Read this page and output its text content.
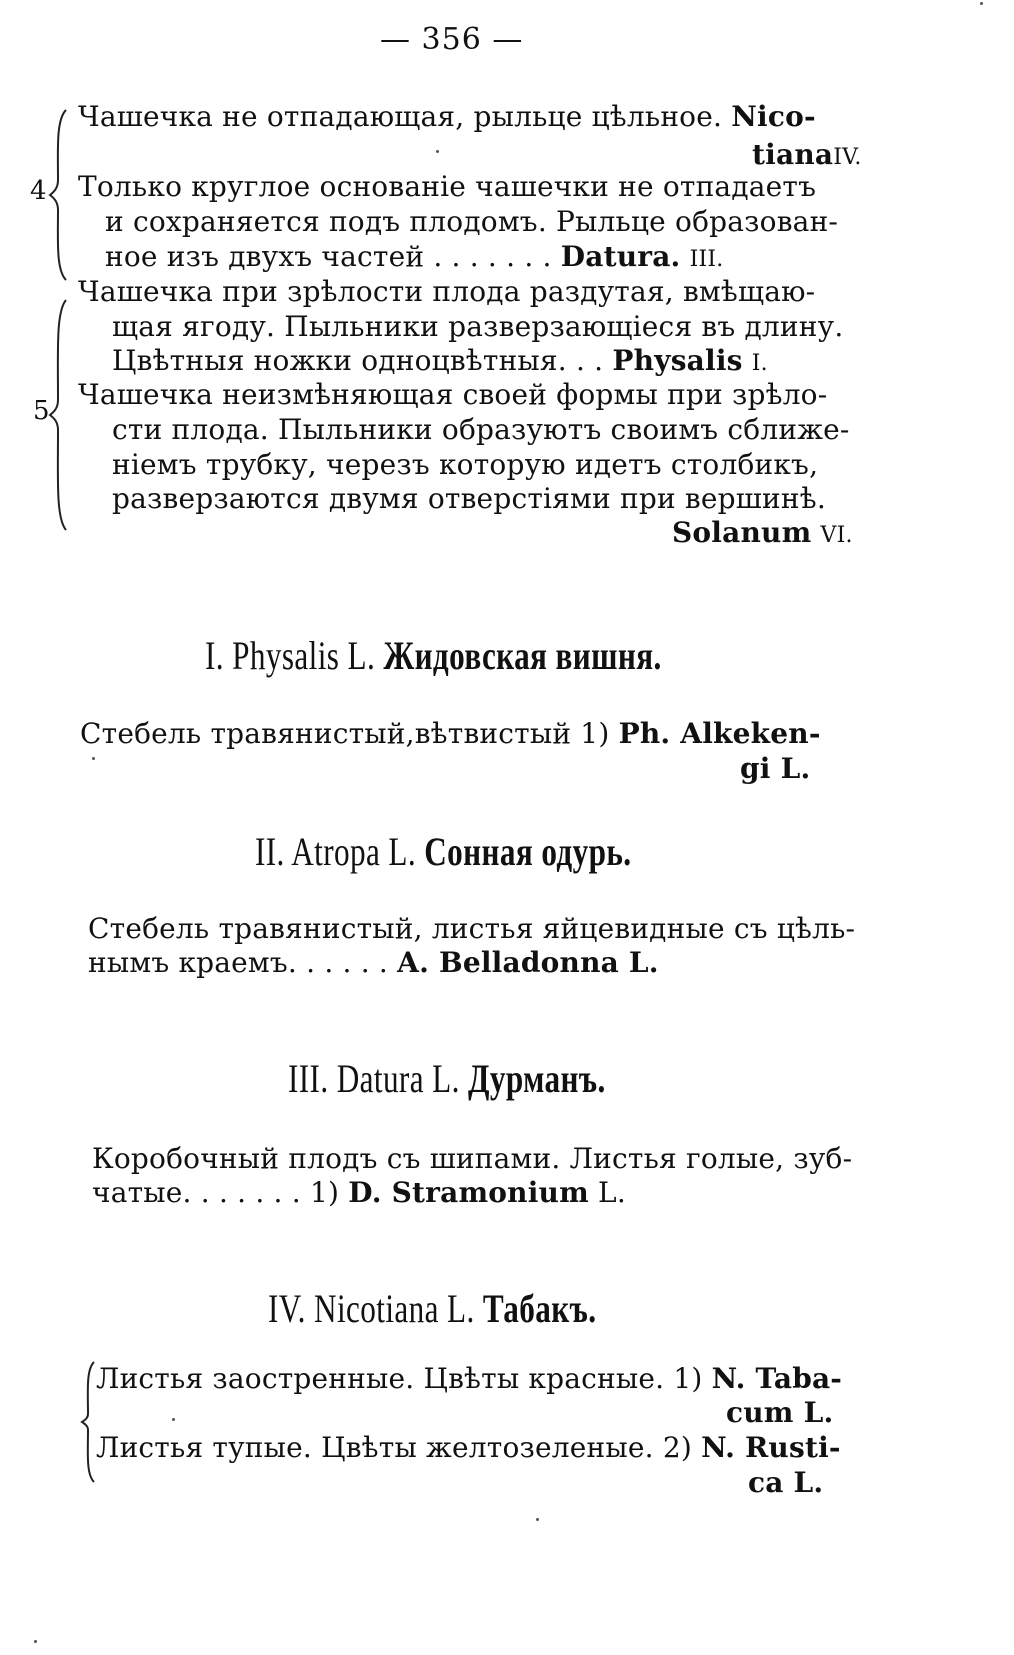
— 356 —
4
Чашечка не отпадающая, рыльце цѣльное. Nico-
tianaIV.
Только круглое основаніе чашечки не отпадаетъ
и сохраняется подъ плодомъ. Рыльце образован-
ное изъ двухъ частей . . . . . . . Datura. III.
5
Чашечка при зрѣлости плода раздутая, вмѣщаю-
щая ягоду. Пыльники разверзающіеся въ длину.
Цвѣтныя ножки одноцвѣтныя. . . Physalis I.
Чашечка неизмѣняющая своей формы при зрѣло-
сти плода. Пыльники образуютъ своимъ сближе-
ніемъ трубку, черезъ которую идетъ столбикъ,
разверзаются двумя отверстіями при вершинѣ.
Solanum VI.
I. Physalis L. Жидовская вишня.
Стебель травянистый,вѣтвистый 1) Ph. Alkeken-
gi L.
II. Atropa L. Сонная одурь.
Стебель травянистый, листья яйцевидные съ цѣль-
нымъ краемъ. . . . . . A. Belladonna L.
III. Datura L. Дурманъ.
Коробочный плодъ съ шипами. Листья голые, зуб-
чатые. . . . . . . 1) D. Stramonium L.
IV. Nicotiana L. Табакъ.
Листья заостренные. Цвѣты красные. 1) N. Taba-
cum L.
Листья тупые. Цвѣты желтозеленые. 2) N. Rusti-
ca L.
